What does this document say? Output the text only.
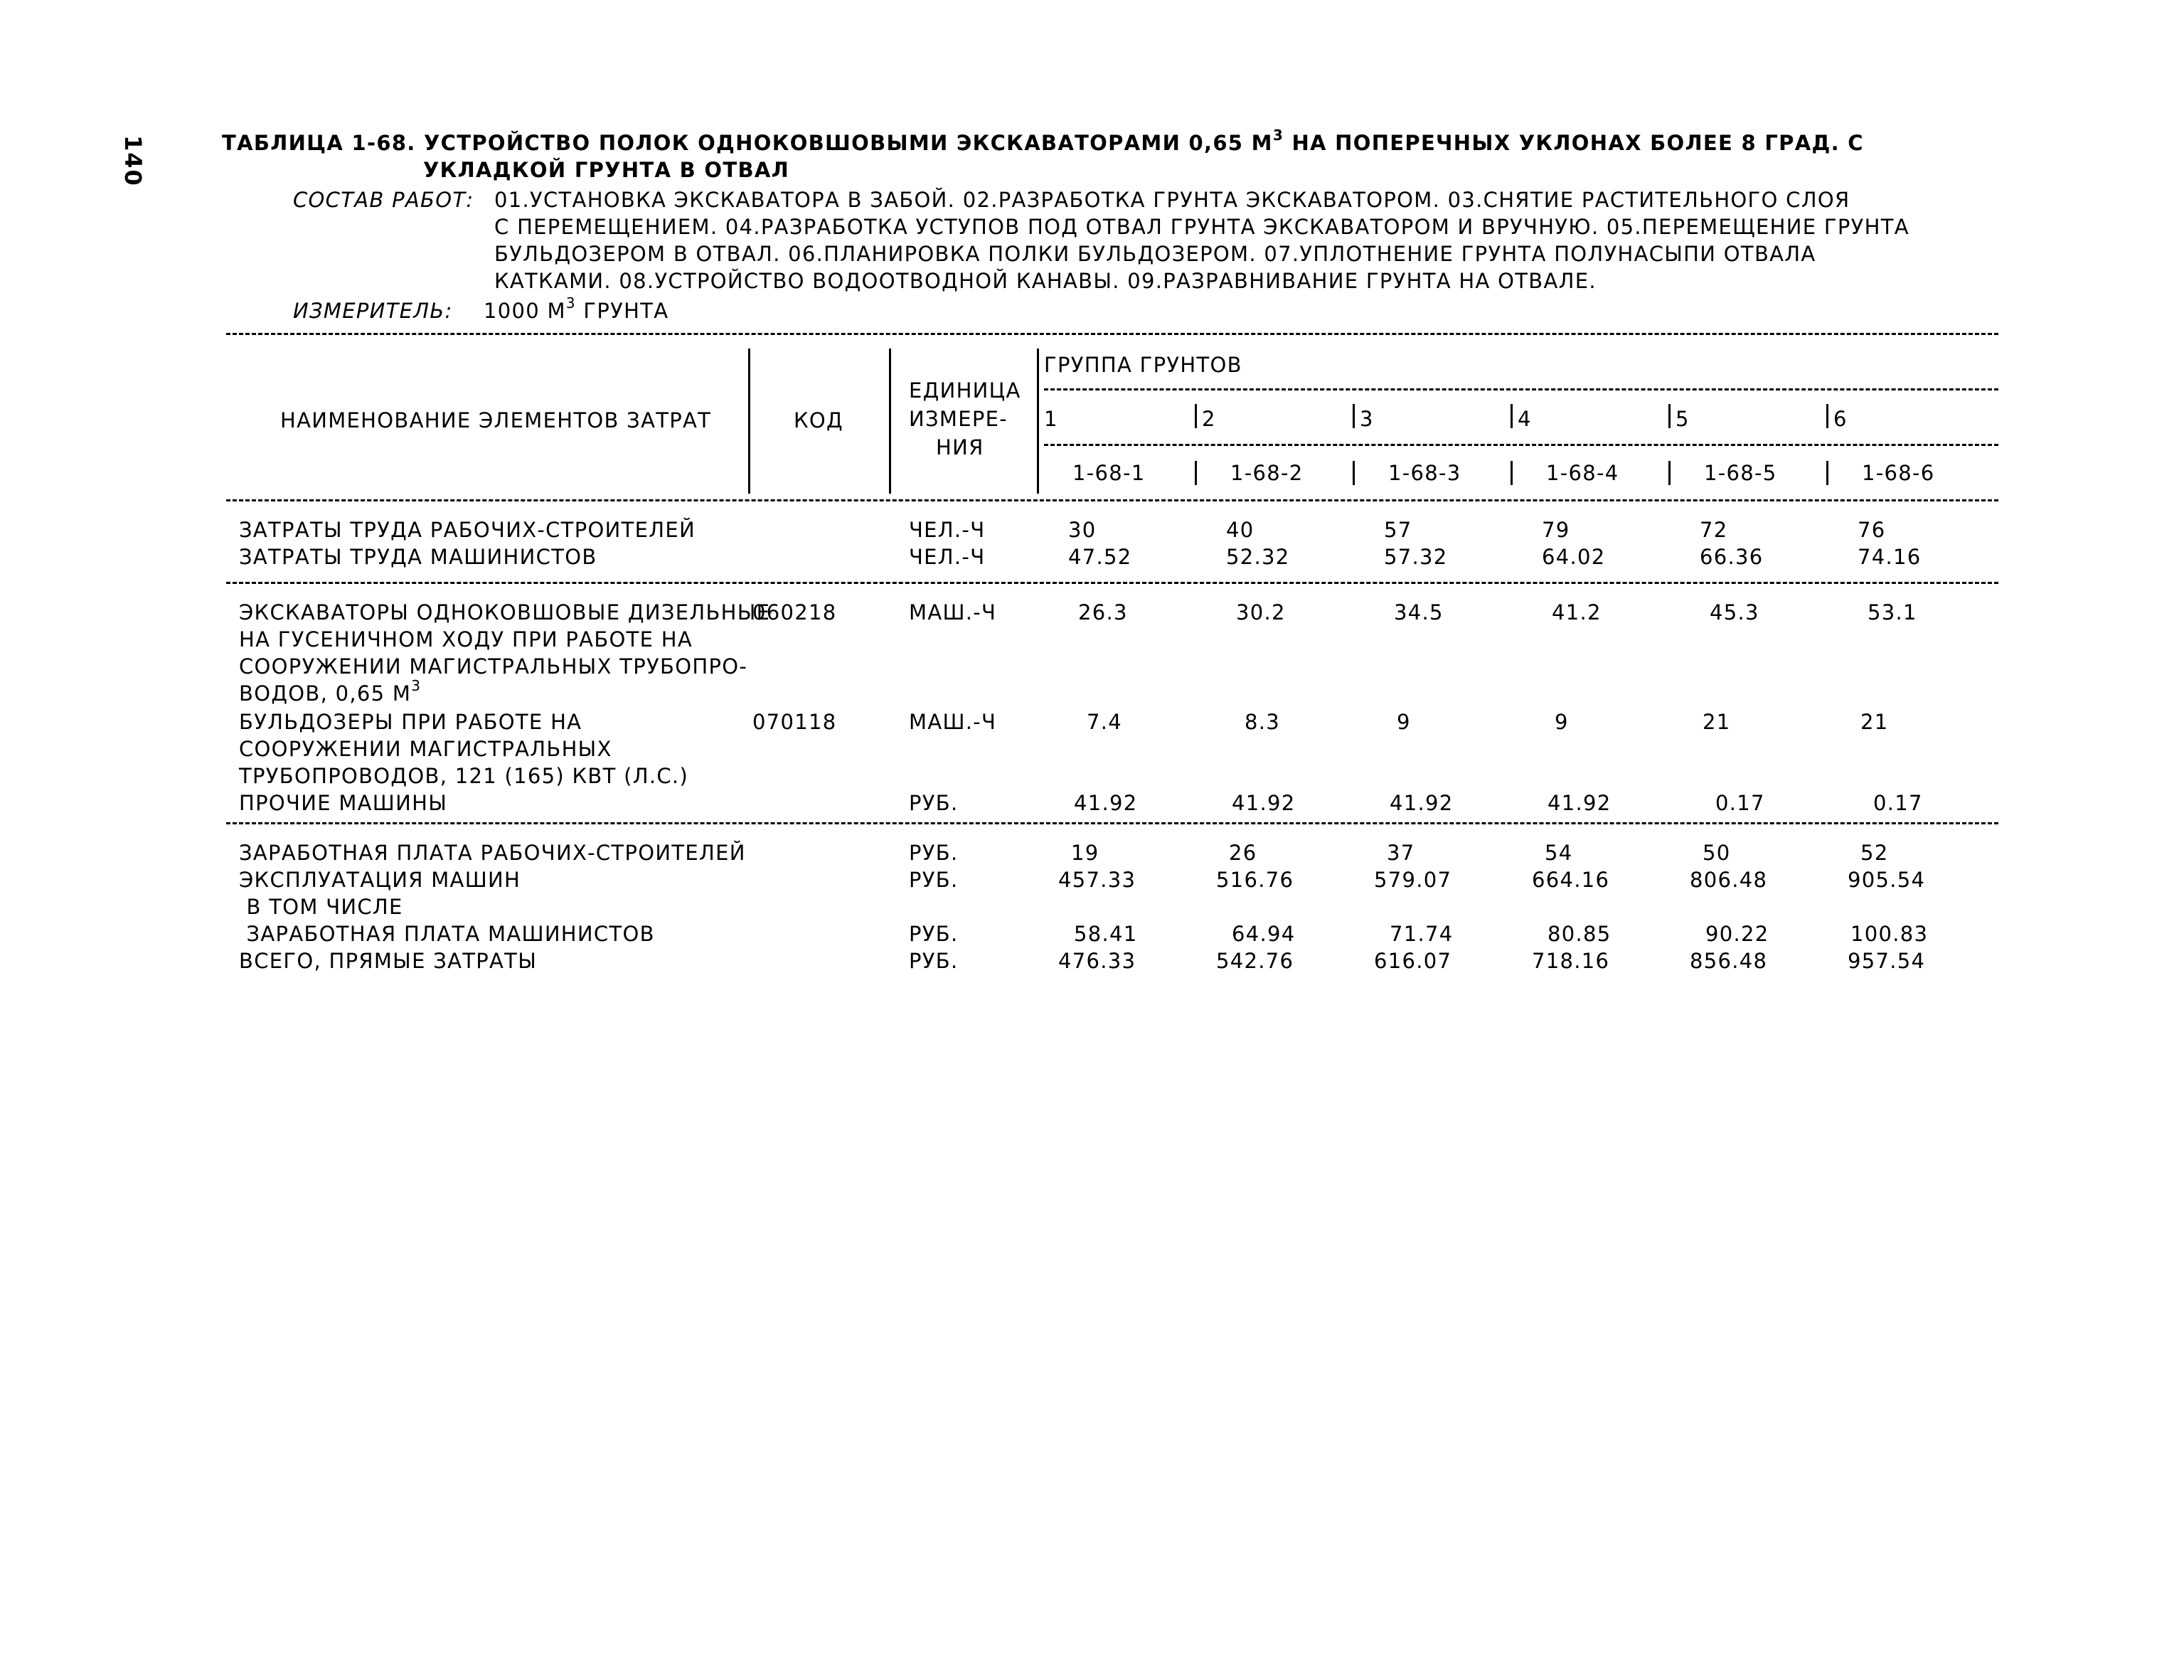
140	ТАБЛИЦА 1-68. УСТРОЙСТВО ПОЛОК ОДНОКОВШОВЫМИ ЭКСКАВАТОРАМИ 0,65 $М^3$ НА ПОПЕРЕЧНЫХ УКЛОНАХ БОЛЕЕ 8 ГРАД. С
УКЛАДКОЙ ГРУНТА В ОТВАЛ
СОСТАВ РАБОТ: 01.УСТАНОВКА ЭКСКАВАТОРА В ЗАБОЙ. 02.РАЗРАБОТКА ГРУНТА ЭКСКАВАТОРОМ. 03.СНЯТИЕ РАСТИТЕЛЬНОГО СЛОЯ
С ПЕРЕМЕЩЕНИЕМ. 04.РАЗРАБОТКА УСТУПОВ ПОД ОТВАЛ ГРУНТА ЭКСКАВАТОРОМ И ВРУЧНУЮ. 05.ПЕРЕМЕЩЕНИЕ ГРУНТА
БУЛЬДОЗЕРОМ В ОТВАЛ. 06.ПЛАНИРОВКА ПОЛКИ БУЛЬДОЗЕРОМ. 07.УПЛОТНЕНИЕ ГРУНТА ПОЛУНАСЫПИ ОТВАЛА
КАТКАМИ. 08.УСТРОЙСТВО ВОДООТВОДНОЙ КАНАВЫ. 09.РАЗРАВНИВАНИЕ ГРУНТА НА ОТВАЛЕ.
ИЗМЕРИТЕЛЬ: 1000 $М^3$ ГРУНТА
НАИМЕНОВАНИЕ ЭЛЕМЕНТОВ ЗАТРАТ	КОД
ЕДИНИЦА
ИЗМЕРЕ-
НИЯ
ГРУППА ГРУНТОВ
1	2	3	4	5	6
1-68-1	1-68-2	1-68-3	1-68-4	1-68-5	1-68-6
ЗАТРАТЫ ТРУДА РАБОЧИХ-СТРОИТЕЛЕЙ	ЧЕЛ.-Ч	30	40	57	79	72	76
ЗАТРАТЫ ТРУДА МАШИНИСТОВ	ЧЕЛ.-Ч	47.52	52.32	57.32	64.02	66.36	74.16
ЭКСКАВАТОРЫ ОДНОКОВШОВЫЕ ДИЗЕЛЬНЫЕ
НА ГУСЕНИЧНОМ ХОДУ ПРИ РАБОТЕ НА
СООРУЖЕНИИ МАГИСТРАЛЬНЫХ ТРУБОПРО-
ВОДОВ, 0,65 $М^3$
060218	МАШ.-Ч	26.3	30.2	34.5	41.2	45.3	53.1
БУЛЬДОЗЕРЫ ПРИ РАБОТЕ НА
СООРУЖЕНИИ МАГИСТРАЛЬНЫХ
ТРУБОПРОВОДОВ, 121 (165) КВТ (Л.С.)
070118	МАШ.-Ч	7.4	8.3	9	9	21	21
ПРОЧИЕ МАШИНЫ	РУБ.	41.92	41.92	41.92	41.92	0.17	0.17
ЗАРАБОТНАЯ ПЛАТА РАБОЧИХ-СТРОИТЕЛЕЙ	РУБ.	19	26	37	54	50	52
ЭКСПЛУАТАЦИЯ МАШИН	РУБ.	457.33	516.76	579.07	664.16	806.48	905.54
В ТОМ ЧИСЛЕ
ЗАРАБОТНАЯ ПЛАТА МАШИНИСТОВ	РУБ.	58.41	64.94	71.74	80.85	90.22	100.83
ВСЕГО, ПРЯМЫЕ ЗАТРАТЫ	РУБ.	476.33	542.76	616.07	718.16	856.48	957.54
